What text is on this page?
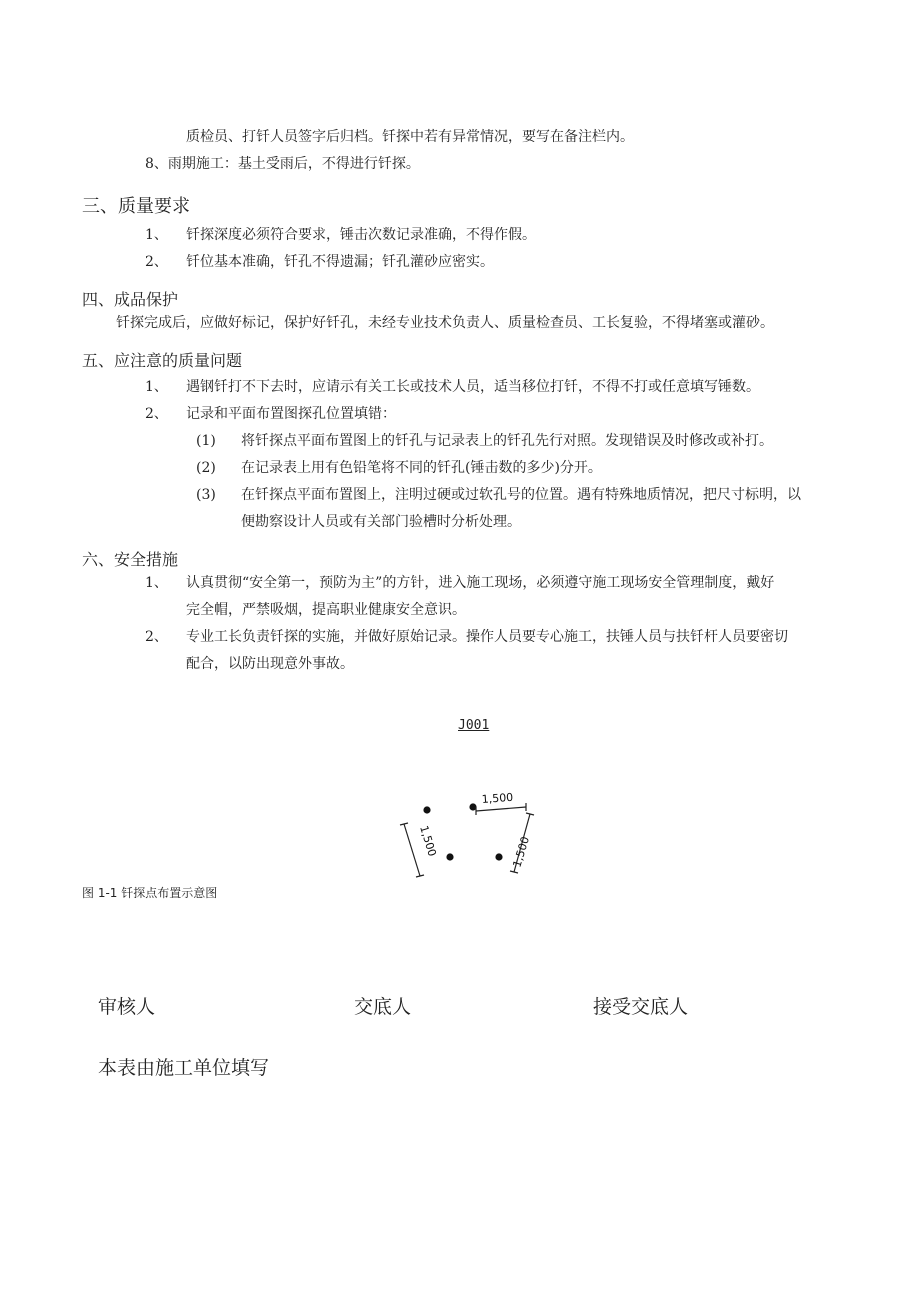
质检员、打钎人员签字后归档。钎探中若有异常情况，要写在备注栏内。
8、雨期施工：基土受雨后，不得进行钎探。
三、质量要求
1、 钎探深度必须符合要求，锤击次数记录准确，不得作假。
2、 钎位基本准确，钎孔不得遗漏；钎孔灌砂应密实。
四、成品保护
钎探完成后，应做好标记，保护好钎孔，未经专业技术负责人、质量检查员、工长复验，不得堵塞或灌砂。
五、应注意的质量问题
1、 遇钢钎打不下去时，应请示有关工长或技术人员，适当移位打钎，不得不打或任意填写锤数。
2、 记录和平面布置图探孔位置填错：
(1) 将钎探点平面布置图上的钎孔与记录表上的钎孔先行对照。发现错误及时修改或补打。
(2) 在记录表上用有色铅笔将不同的钎孔(锤击数的多少)分开。
(3) 在钎探点平面布置图上，注明过硬或过软孔号的位置。遇有特殊地质情况，把尺寸标明，以
便勘察设计人员或有关部门验槽时分析处理。
六、安全措施
1、 认真贯彻“安全第一，预防为主”的方针，进入施工现场，必须遵守施工现场安全管理制度，戴好
完全帽，严禁吸烟，提高职业健康安全意识。
2、 专业工长负责钎探的实施，并做好原始记录。操作人员要专心施工，扶锤人员与扶钎杆人员要密切
配合，以防出现意外事故。
J001
1,500
1,500	1,500
图 1-1 钎探点布置示意图
审核人	交底人	接受交底人
本表由施工单位填写
